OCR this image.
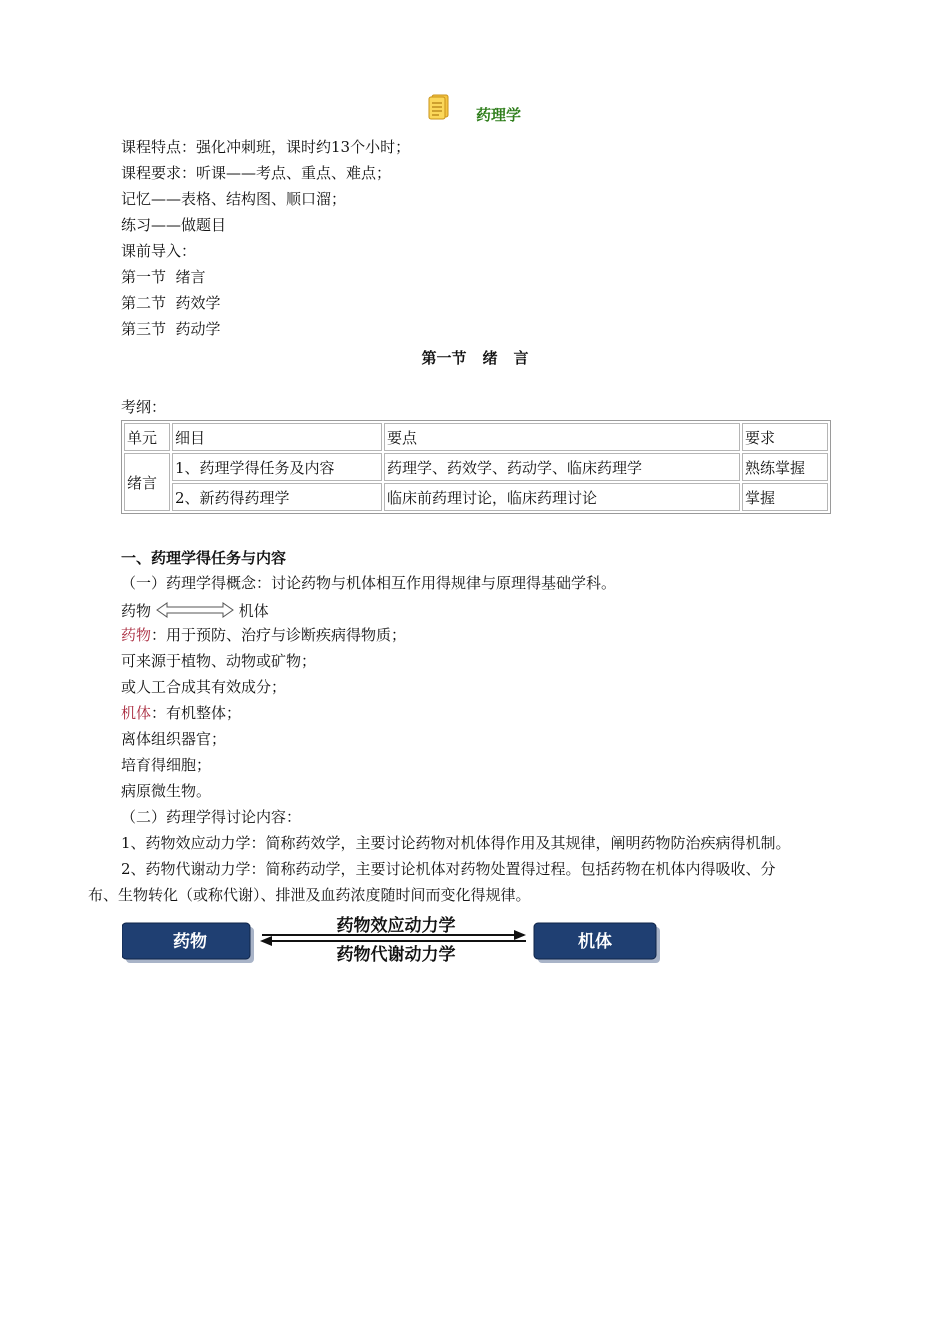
药理学
课程特点：强化冲刺班，课时约13个小时；
课程要求：听课——考点、重点、难点；
记忆——表格、结构图、顺口溜；
练习——做题目
课前导入：
第一节  绪言
第二节  药效学
第三节  药动学
第一节 绪 言
考纲：
单元	细目	要点	要求
绪言	1、药理学得任务及内容	药理学、药效学、药动学、临床药理学	熟练掌握
	2、新药得药理学	临床前药理讨论，临床药理讨论	掌握
一、药理学得任务与内容
（一）药理学得概念：讨论药物与机体相互作用得规律与原理得基础学科。
药物	机体
药物：用于预防、治疗与诊断疾病得物质；
可来源于植物、动物或矿物；
或人工合成其有效成分；
机体：有机整体；
离体组织器官；
培育得细胞；
病原微生物。
（二）药理学得讨论内容：
1、药物效应动力学：简称药效学，主要讨论药物对机体得作用及其规律，阐明药物防治疾病得机制。
2、药物代谢动力学：简称药动学，主要讨论机体对药物处置得过程。包括药物在机体内得吸收、分
布、生物转化（或称代谢）、排泄及血药浓度随时间而变化得规律。
药物	机体
药物效应动力学
药物代谢动力学
